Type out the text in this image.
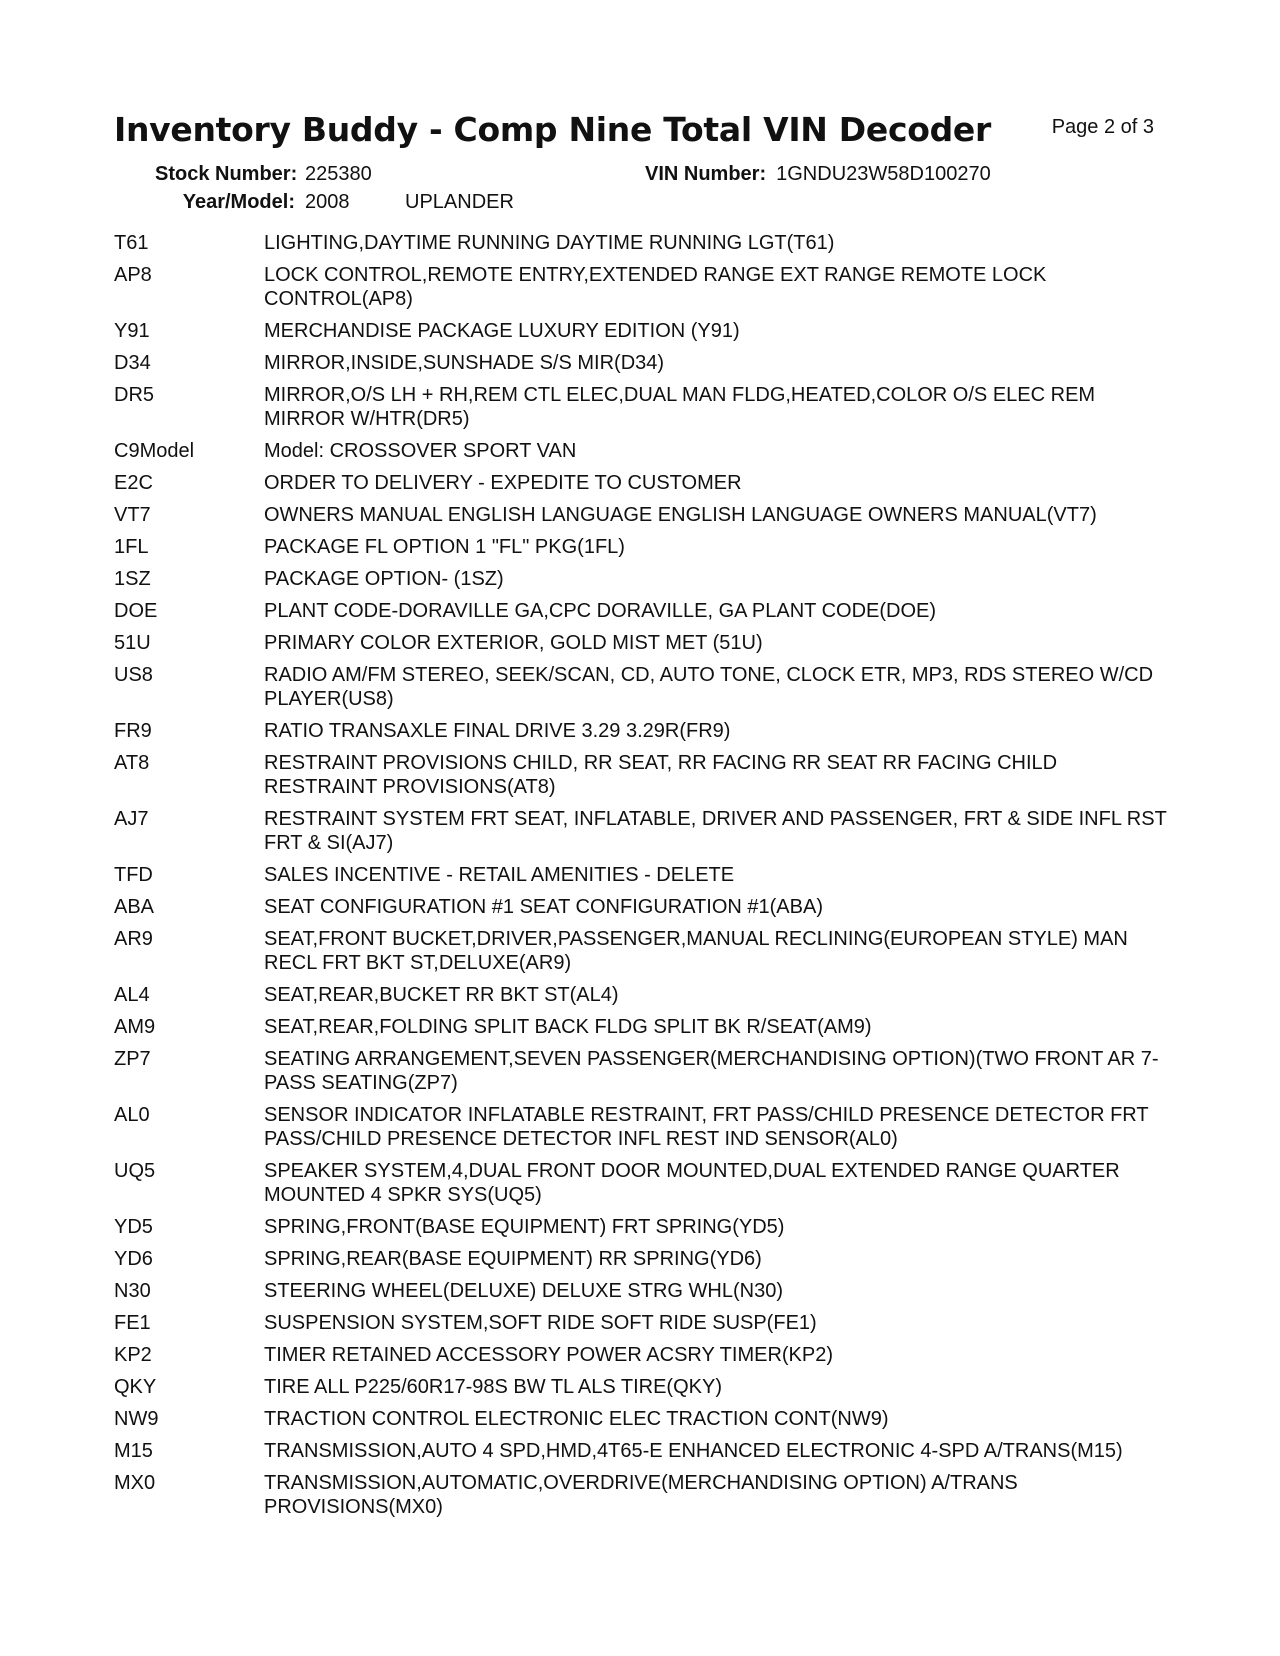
Page 2 of 3
Inventory Buddy - Comp Nine Total VIN Decoder
Stock Number: 225380	VIN Number: 1GNDU23W58D100270
Year/Model: 2008	UPLANDER
T61	LIGHTING,DAYTIME RUNNING DAYTIME RUNNING LGT(T61)
AP8	LOCK CONTROL,REMOTE ENTRY,EXTENDED RANGE EXT RANGE REMOTE LOCK CONTROL(AP8)
Y91	MERCHANDISE PACKAGE LUXURY EDITION (Y91)
D34	MIRROR,INSIDE,SUNSHADE S/S MIR(D34)
DR5	MIRROR,O/S LH + RH,REM CTL ELEC,DUAL MAN FLDG,HEATED,COLOR O/S ELEC REM MIRROR W/HTR(DR5)
C9Model	Model: CROSSOVER SPORT VAN
E2C	ORDER TO DELIVERY - EXPEDITE TO CUSTOMER
VT7	OWNERS MANUAL ENGLISH LANGUAGE ENGLISH LANGUAGE OWNERS MANUAL(VT7)
1FL	PACKAGE FL OPTION 1 "FL" PKG(1FL)
1SZ	PACKAGE OPTION- (1SZ)
DOE	PLANT CODE-DORAVILLE GA,CPC DORAVILLE, GA PLANT CODE(DOE)
51U	PRIMARY COLOR EXTERIOR, GOLD MIST MET (51U)
US8	RADIO AM/FM STEREO, SEEK/SCAN, CD, AUTO TONE, CLOCK ETR, MP3, RDS STEREO W/CD PLAYER(US8)
FR9	RATIO TRANSAXLE FINAL DRIVE 3.29 3.29R(FR9)
AT8	RESTRAINT PROVISIONS CHILD, RR SEAT, RR FACING RR SEAT RR FACING CHILD RESTRAINT PROVISIONS(AT8)
AJ7	RESTRAINT SYSTEM FRT SEAT, INFLATABLE, DRIVER AND PASSENGER, FRT & SIDE INFL RST FRT & SI(AJ7)
TFD	SALES INCENTIVE - RETAIL AMENITIES - DELETE
ABA	SEAT CONFIGURATION #1 SEAT CONFIGURATION #1(ABA)
AR9	SEAT,FRONT BUCKET,DRIVER,PASSENGER,MANUAL RECLINING(EUROPEAN STYLE) MAN RECL FRT BKT ST,DELUXE(AR9)
AL4	SEAT,REAR,BUCKET RR BKT ST(AL4)
AM9	SEAT,REAR,FOLDING SPLIT BACK FLDG SPLIT BK R/SEAT(AM9)
ZP7	SEATING ARRANGEMENT,SEVEN PASSENGER(MERCHANDISING OPTION)(TWO FRONT AR 7-PASS SEATING(ZP7)
AL0	SENSOR INDICATOR INFLATABLE RESTRAINT, FRT PASS/CHILD PRESENCE DETECTOR FRT PASS/CHILD PRESENCE DETECTOR INFL REST IND SENSOR(AL0)
UQ5	SPEAKER SYSTEM,4,DUAL FRONT DOOR MOUNTED,DUAL EXTENDED RANGE QUARTER MOUNTED 4 SPKR SYS(UQ5)
YD5	SPRING,FRONT(BASE EQUIPMENT) FRT SPRING(YD5)
YD6	SPRING,REAR(BASE EQUIPMENT) RR SPRING(YD6)
N30	STEERING WHEEL(DELUXE) DELUXE STRG WHL(N30)
FE1	SUSPENSION SYSTEM,SOFT RIDE SOFT RIDE SUSP(FE1)
KP2	TIMER RETAINED ACCESSORY POWER ACSRY TIMER(KP2)
QKY	TIRE ALL P225/60R17-98S BW TL ALS TIRE(QKY)
NW9	TRACTION CONTROL ELECTRONIC ELEC TRACTION CONT(NW9)
M15	TRANSMISSION,AUTO 4 SPD,HMD,4T65-E ENHANCED ELECTRONIC 4-SPD A/TRANS(M15)
MX0	TRANSMISSION,AUTOMATIC,OVERDRIVE(MERCHANDISING OPTION) A/TRANS PROVISIONS(MX0)
